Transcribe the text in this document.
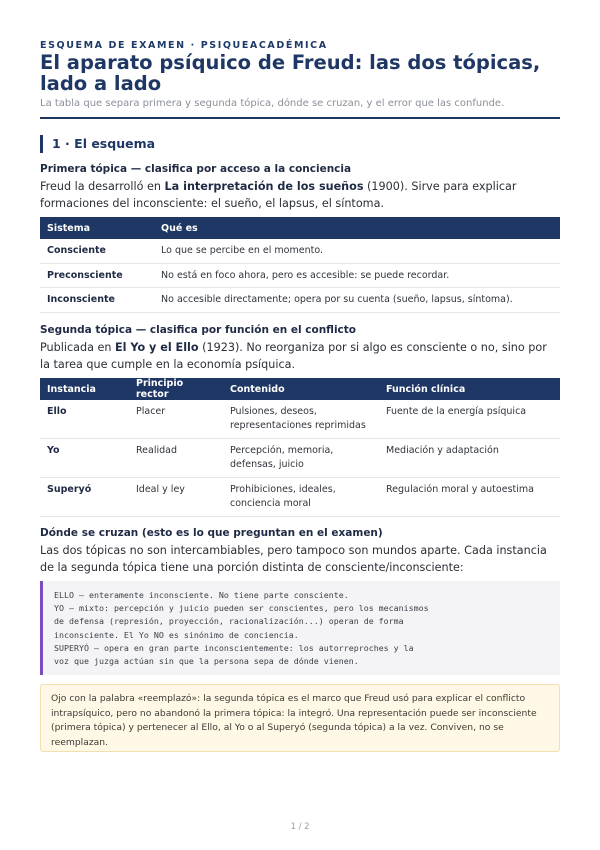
ESQUEMA DE EXAMEN · PSIQUEACADÉMICA
El aparato psíquico de Freud: las dos tópicas, lado a lado
La tabla que separa primera y segunda tópica, dónde se cruzan, y el error que las confunde.
1 · El esquema
Primera tópica — clasifica por acceso a la conciencia

Freud la desarrolló en La interpretación de los sueños (1900). Sirve para explicar formaciones del inconsciente: el sueño, el lapsus, el síntoma.

Sistema	Qué es
Consciente	Lo que se percibe en el momento.
Preconsciente	No está en foco ahora, pero es accesible: se puede recordar.
Inconsciente	No accesible directamente; opera por su cuenta (sueño, lapsus, síntoma).
Segunda tópica — clasifica por función en el conflicto

Publicada en El Yo y el Ello (1923). No reorganiza por si algo es consciente o no, sino por la tarea que cumple en la economía psíquica.

Instancia	Principio rector	Contenido	Función clínica
Ello	Placer	Pulsiones, deseos, representaciones reprimidas	Fuente de la energía psíquica
Yo	Realidad	Percepción, memoria, defensas, juicio	Mediación y adaptación
Superyó	Ideal y ley	Prohibiciones, ideales, conciencia moral	Regulación moral y autoestima
Dónde se cruzan (esto es lo que preguntan en el examen)

Las dos tópicas no son intercambiables, pero tampoco son mundos aparte. Cada instancia de la segunda tópica tiene una porción distinta de consciente/inconsciente:

ELLO — enteramente inconsciente. No tiene parte consciente.
YO — mixto: percepción y juicio pueden ser conscientes, pero los mecanismos
de defensa (represión, proyección, racionalización...) operan de forma
inconsciente. El Yo NO es sinónimo de conciencia.
SUPERYÓ — opera en gran parte inconscientemente: los autorreproches y la
voz que juzga actúan sin que la persona sepa de dónde vienen.
Ojo con la palabra «reemplazó»: la segunda tópica es el marco que Freud usó para explicar el conflicto intrapsíquico, pero no abandonó la primera tópica: la integró. Una representación puede ser inconsciente (primera tópica) y pertenecer al Ello, al Yo o al Superyó (segunda tópica) a la vez. Conviven, no se reemplazan.
1 / 2
